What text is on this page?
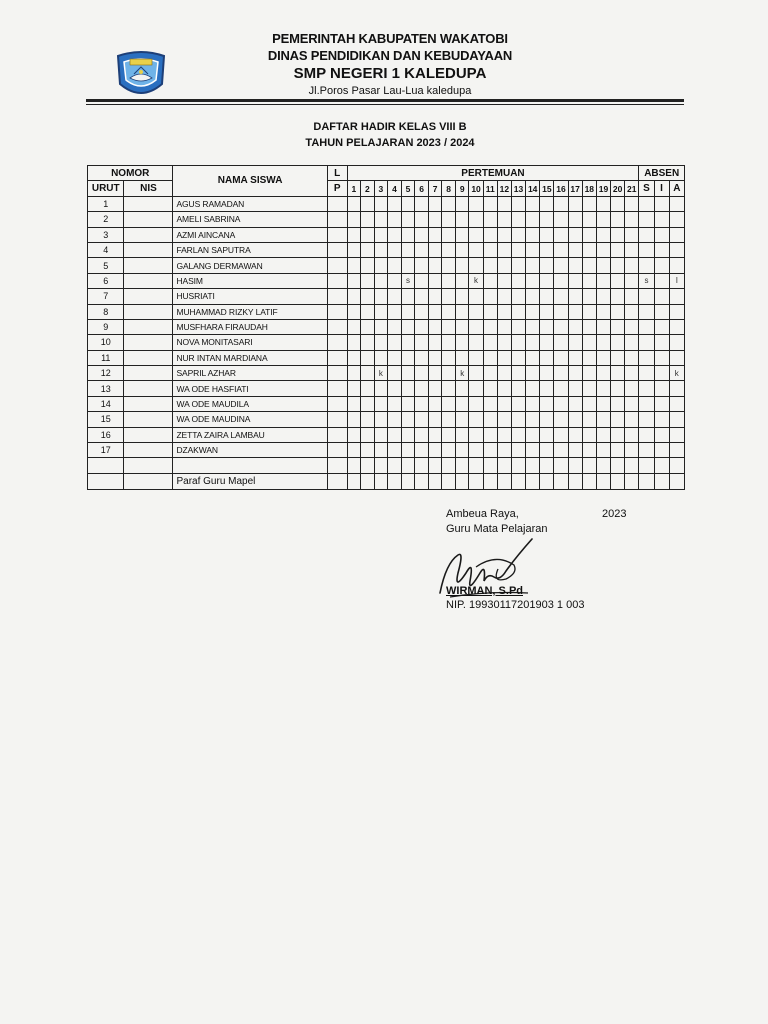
PEMERINTAH KABUPATEN WAKATOBI
DINAS PENDIDIKAN DAN KEBUDAYAAN
SMP NEGERI 1 KALEDUPA
Jl.Poros Pasar Lau-Lua kaledupa
DAFTAR HADIR KELAS VIII B
TAHUN PELAJARAN 2023 / 2024
NOMOR		NAMA SISWA	L	PERTEMUAN																					ABSEN		
URUT	NIS		P	1	2	3	4	5	6	7	8	9	10	11	12	13	14	15	16	17	18	19	20	21	S	I	A
1		AGUS RAMADAN																									
2		AMELI SABRINA																									
3		AZMI AINCANA																									
4		FARLAN SAPUTRA																									
5		GALANG DERMAWAN																									
6		HASIM						s					k												s		I
7		HUSRIATI																									
8		MUHAMMAD RIZKY LATIF																									
9		MUSFHARA FIRAUDAH																									
10		NOVA MONITASARI																									
11		NUR INTAN MARDIANA																									
12		SAPRIL AZHAR				k						k															k
13		WA ODE HASFIATI																									
14		WA ODE MAUDILA																									
15		WA ODE MAUDINA																									
16		ZETTA ZAIRA LAMBAU																									
17		DZAKWAN																									

		Paraf Guru Mapel																									
Ambeua Raya,	2023
Guru Mata Pelajaran
WIRMAN, S.Pd
NIP. 19930117201903 1 003
